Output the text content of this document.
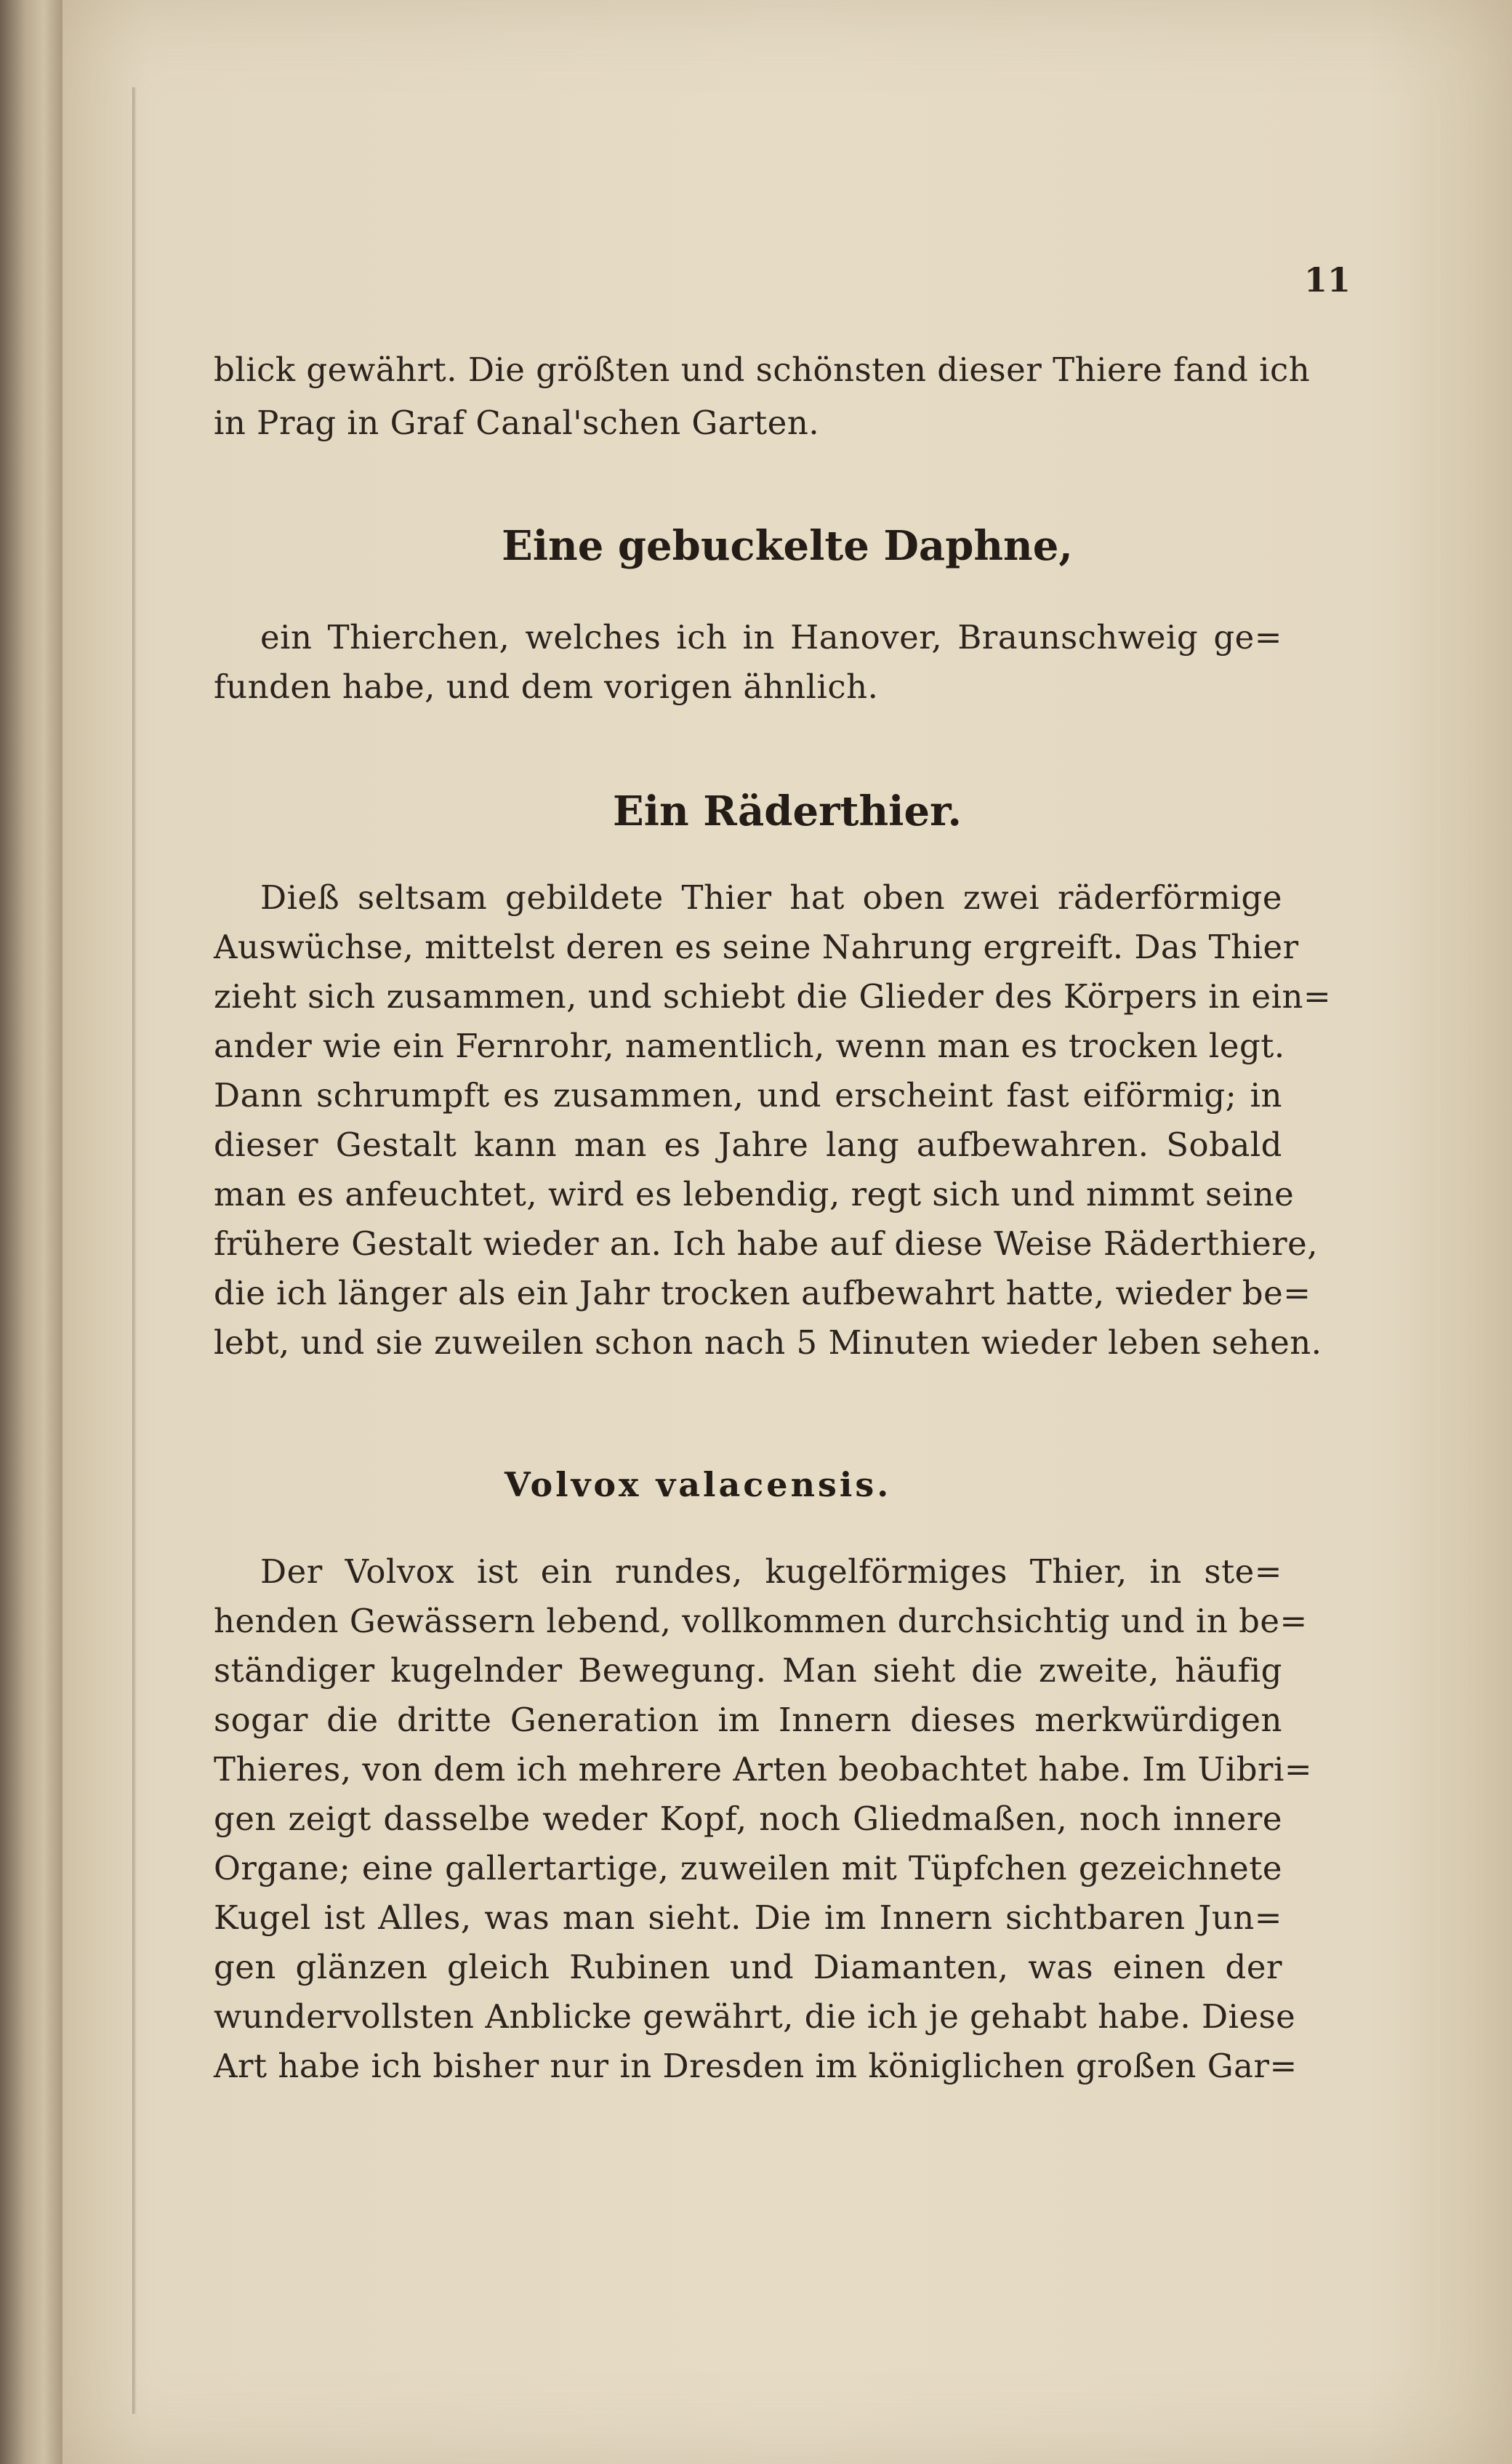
11
blick gewährt. Die größten und schönsten dieser Thiere fand ich
in Prag in Graf Canal'schen Garten.
Eine gebuckelte Daphne,
ein Thierchen, welches ich in Hanover, Braunschweig ge=
funden habe, und dem vorigen ähnlich.
Ein Räderthier.
Dieß seltsam gebildete Thier hat oben zwei räderförmige
Auswüchse, mittelst deren es seine Nahrung ergreift. Das Thier
zieht sich zusammen, und schiebt die Glieder des Körpers in ein=
ander wie ein Fernrohr, namentlich, wenn man es trocken legt.
Dann schrumpft es zusammen, und erscheint fast eiförmig; in
dieser Gestalt kann man es Jahre lang aufbewahren. Sobald
man es anfeuchtet, wird es lebendig, regt sich und nimmt seine
frühere Gestalt wieder an. Ich habe auf diese Weise Räderthiere,
die ich länger als ein Jahr trocken aufbewahrt hatte, wieder be=
lebt, und sie zuweilen schon nach 5 Minuten wieder leben sehen.
Volvox valacensis.
Der Volvox ist ein rundes, kugelförmiges Thier, in ste=
henden Gewässern lebend, vollkommen durchsichtig und in be=
ständiger kugelnder Bewegung. Man sieht die zweite, häufig
sogar die dritte Generation im Innern dieses merkwürdigen
Thieres, von dem ich mehrere Arten beobachtet habe. Im Uibri=
gen zeigt dasselbe weder Kopf, noch Gliedmaßen, noch innere
Organe; eine gallertartige, zuweilen mit Tüpfchen gezeichnete
Kugel ist Alles, was man sieht. Die im Innern sichtbaren Jun=
gen glänzen gleich Rubinen und Diamanten, was einen der
wundervollsten Anblicke gewährt, die ich je gehabt habe. Diese
Art habe ich bisher nur in Dresden im königlichen großen Gar=
